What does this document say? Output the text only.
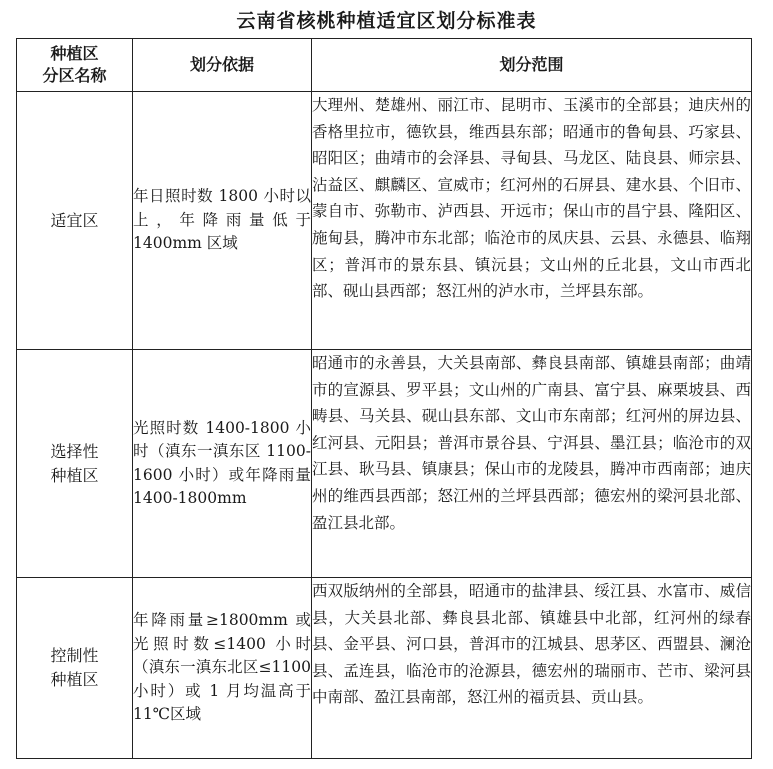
云南省核桃种植适宜区划分标准表
种植区
分区名称	划分依据	划分范围

适宜区	年日照时数 1800 小时以上，年降雨量低于 1400mm 区域	大理州、楚雄州、丽江市、昆明市、玉溪市的全部县；迪庆州的香格里拉市，德钦县，维西县东部；昭通市的鲁甸县、巧家县、昭阳区；曲靖市的会泽县、寻甸县、马龙区、陆良县、师宗县、沾益区、麒麟区、宣威市；红河州的石屏县、建水县、个旧市、蒙自市、弥勒市、泸西县、开远市；保山市的昌宁县、隆阳区、施甸县，腾冲市东北部；临沧市的凤庆县、云县、永德县、临翔区；普洱市的景东县、镇沅县；文山州的丘北县，文山市西北部、砚山县西部；怒江州的泸水市，兰坪县东部。

选择性
种植区	光照时数 1400-1800 小时（滇东一滇东区 1100-1600 小时）或年降雨量 1400-1800mm	昭通市的永善县，大关县南部、彝良县南部、镇雄县南部；曲靖市的宣源县、罗平县；文山州的广南县、富宁县、麻栗坡县、西畴县、马关县、砚山县东部、文山市东南部；红河州的屏边县、红河县、元阳县；普洱市景谷县、宁洱县、墨江县；临沧市的双江县、耿马县、镇康县；保山市的龙陵县，腾冲市西南部；迪庆州的维西县西部；怒江州的兰坪县西部；德宏州的梁河县北部、盈江县北部。

控制性
种植区	年降雨量≥1800mm 或光照时数≤1400 小时（滇东一滇东北区≤1100 小时）或 1 月均温高于 11℃区域	西双版纳州的全部县，昭通市的盐津县、绥江县、水富市、威信县，大关县北部、彝良县北部、镇雄县中北部，红河州的绿春县、金平县、河口县，普洱市的江城县、思茅区、西盟县、澜沧县、孟连县，临沧市的沧源县，德宏州的瑞丽市、芒市、梁河县中南部、盈江县南部，怒江州的福贡县、贡山县。
